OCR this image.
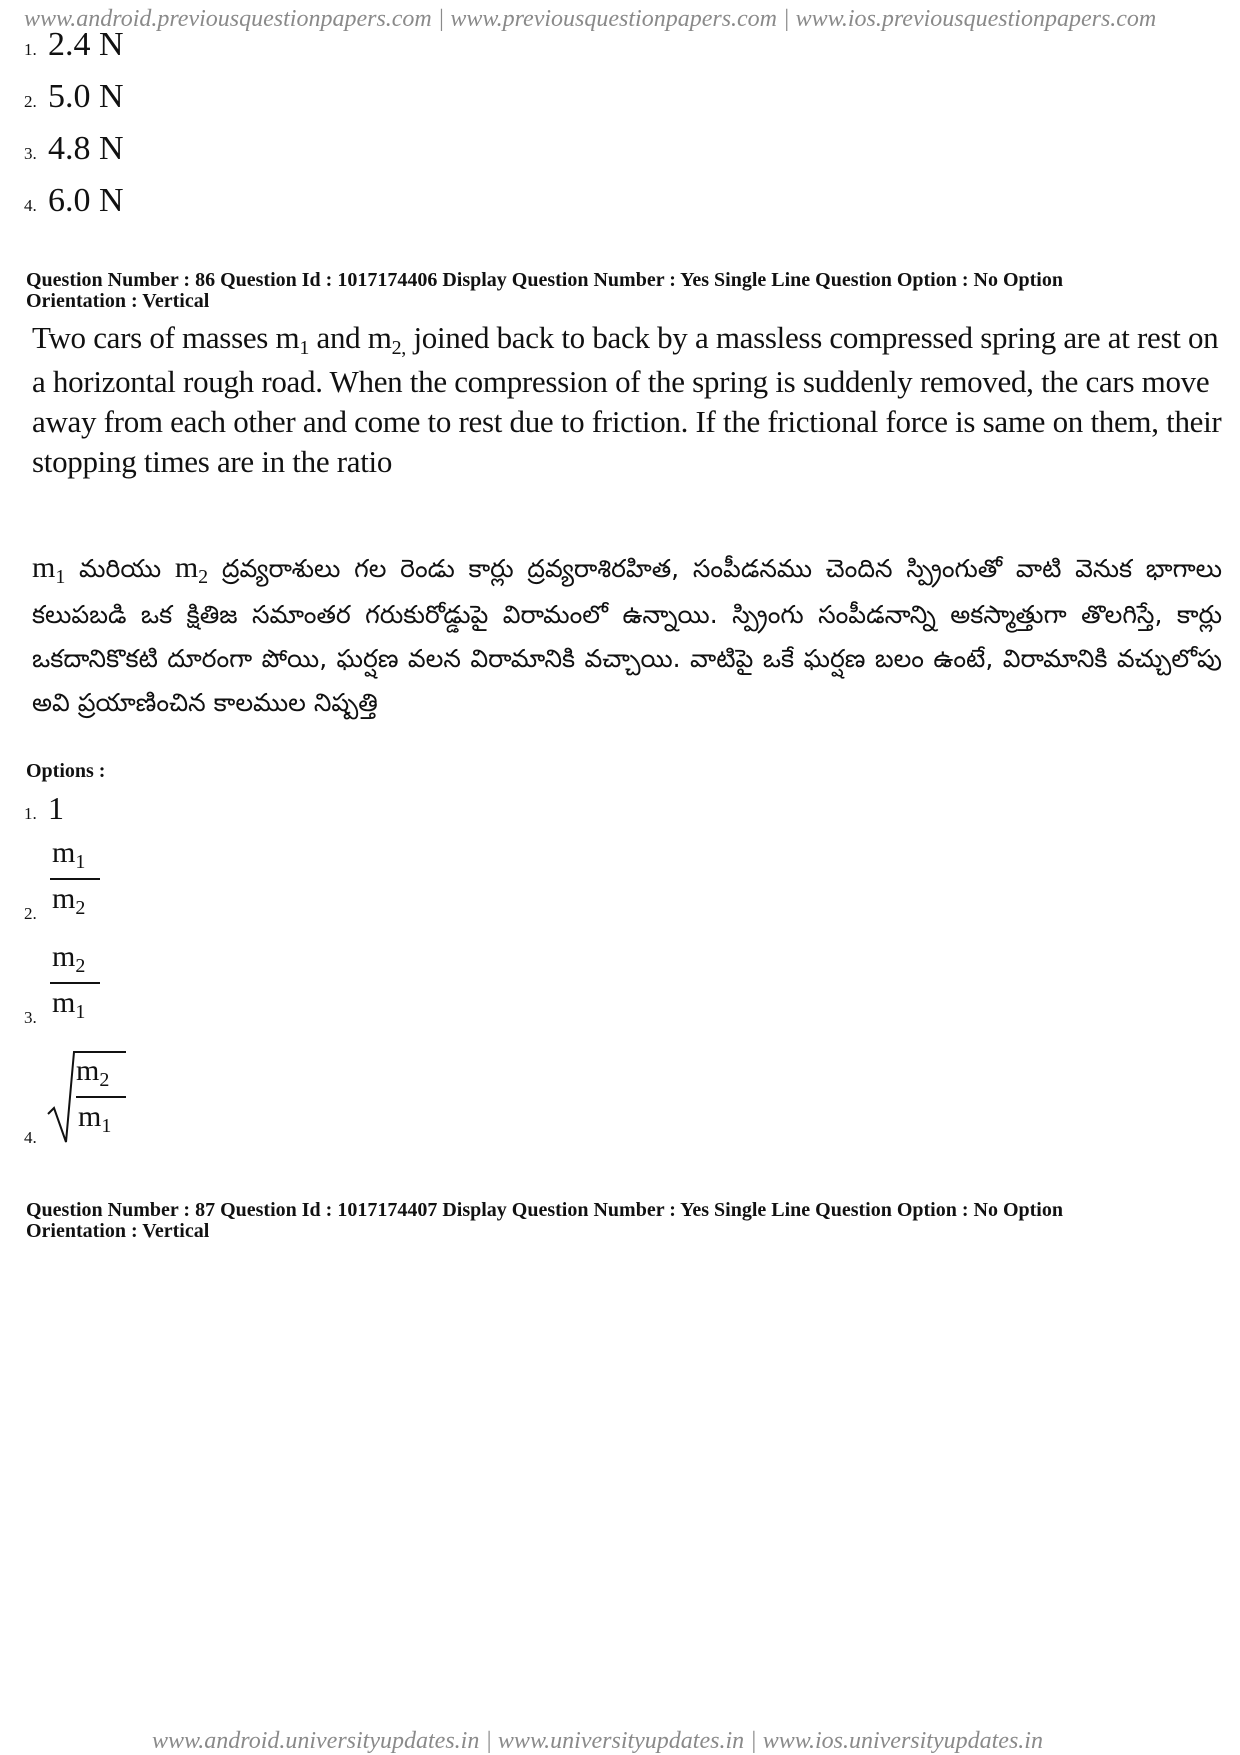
www.android.previousquestionpapers.com | www.previousquestionpapers.com | www.ios.previousquestionpapers.com
1. 2.4 N
2. 5.0 N
3. 4.8 N
4. 6.0 N
Question Number : 86 Question Id : 1017174406 Display Question Number : Yes Single Line Question Option : No Option
Orientation : Vertical
Two cars of masses m1 and m2, joined back to back by a massless compressed spring are at rest on a horizontal rough road. When the compression of the spring is suddenly removed, the cars move away from each other and come to rest due to friction. If the frictional force is same on them, their stopping times are in the ratio
$m_1$ మరియు $m_2$ ద్రవ్యరాశులు గల రెండు కార్లు ద్రవ్యరాశిరహిత, సంపీడనము చెందిన స్ప్రింగుతో వాటి వెనుక భాగాలు కలుపబడి ఒక క్షితిజ సమాంతర గరుకురోడ్డుపై విరామంలో ఉన్నాయి. స్ప్రింగు సంపీడనాన్ని అకస్మాత్తుగా తొలగిస్తే, కార్లు ఒకదానికొకటి దూరంగా పోయి, ఘర్షణ వలన విరామానికి వచ్చాయి. వాటిపై ఒకే ఘర్షణ బలం ఉంటే, విరామానికి వచ్చులోపు అవి ప్రయాణించిన కాలముల నిష్పత్తి
Options :
1. 1
$m_1$
$m_2$
2.
$m_2$
$m_1$
3.
$m_2$
$m_1$
4.
Question Number : 87 Question Id : 1017174407 Display Question Number : Yes Single Line Question Option : No Option
Orientation : Vertical
www.android.universityupdates.in | www.universityupdates.in | www.ios.universityupdates.in
